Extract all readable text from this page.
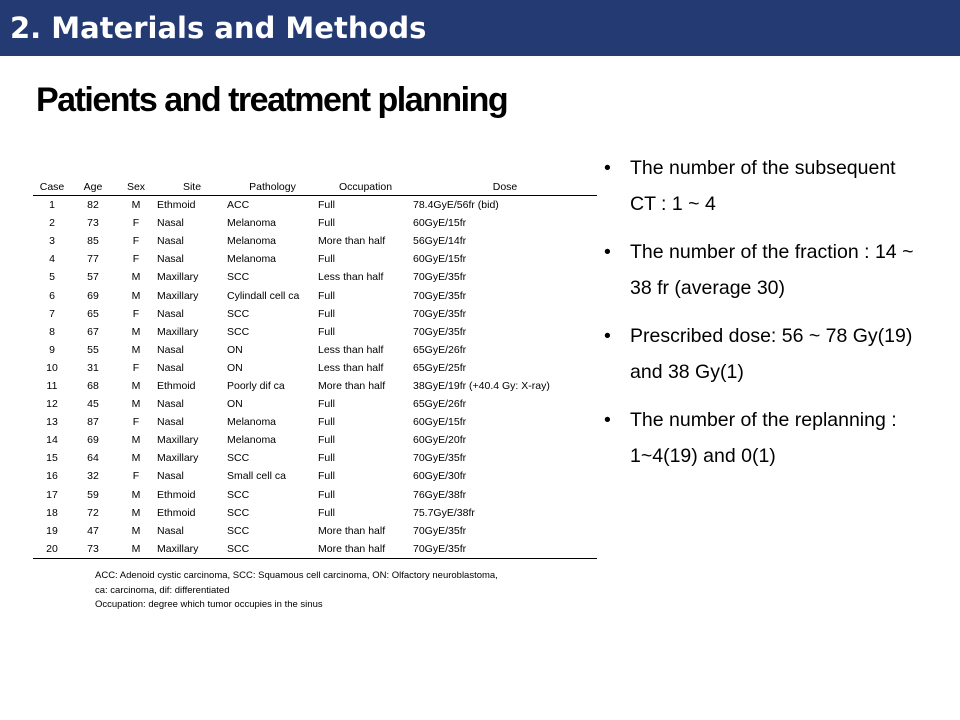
2. Materials and Methods
Patients and treatment planning
Case	Age	Sex	Site	Pathology	Occupation	Dose
1	82	M	Ethmoid	ACC	Full	78.4GyE/56fr (bid)
2	73	F	Nasal	Melanoma	Full	60GyE/15fr
3	85	F	Nasal	Melanoma	More than half	56GyE/14fr
4	77	F	Nasal	Melanoma	Full	60GyE/15fr
5	57	M	Maxillary	SCC	Less than half	70GyE/35fr
6	69	M	Maxillary	Cylindall cell ca	Full	70GyE/35fr
7	65	F	Nasal	SCC	Full	70GyE/35fr
8	67	M	Maxillary	SCC	Full	70GyE/35fr
9	55	M	Nasal	ON	Less than half	65GyE/26fr
10	31	F	Nasal	ON	Less than half	65GyE/25fr
11	68	M	Ethmoid	Poorly dif ca	More than half	38GyE/19fr (+40.4 Gy: X-ray)
12	45	M	Nasal	ON	Full	65GyE/26fr
13	87	F	Nasal	Melanoma	Full	60GyE/15fr
14	69	M	Maxillary	Melanoma	Full	60GyE/20fr
15	64	M	Maxillary	SCC	Full	70GyE/35fr
16	32	F	Nasal	Small cell ca	Full	60GyE/30fr
17	59	M	Ethmoid	SCC	Full	76GyE/38fr
18	72	M	Ethmoid	SCC	Full	75.7GyE/38fr
19	47	M	Nasal	SCC	More than half	70GyE/35fr
20	73	M	Maxillary	SCC	More than half	70GyE/35fr
ACC: Adenoid cystic carcinoma, SCC: Squamous cell carcinoma, ON: Olfactory neuroblastoma,
ca: carcinoma, dif: differentiated
Occupation: degree which tumor occupies in the sinus
• The number of the subsequent CT : 1 ~ 4
• The number of the fraction : 14 ~ 38 fr (average 30)
• Prescribed dose: 56 ~ 78 Gy(19) and 38 Gy(1)
• The number of the replanning : 1~4(19) and 0(1)
